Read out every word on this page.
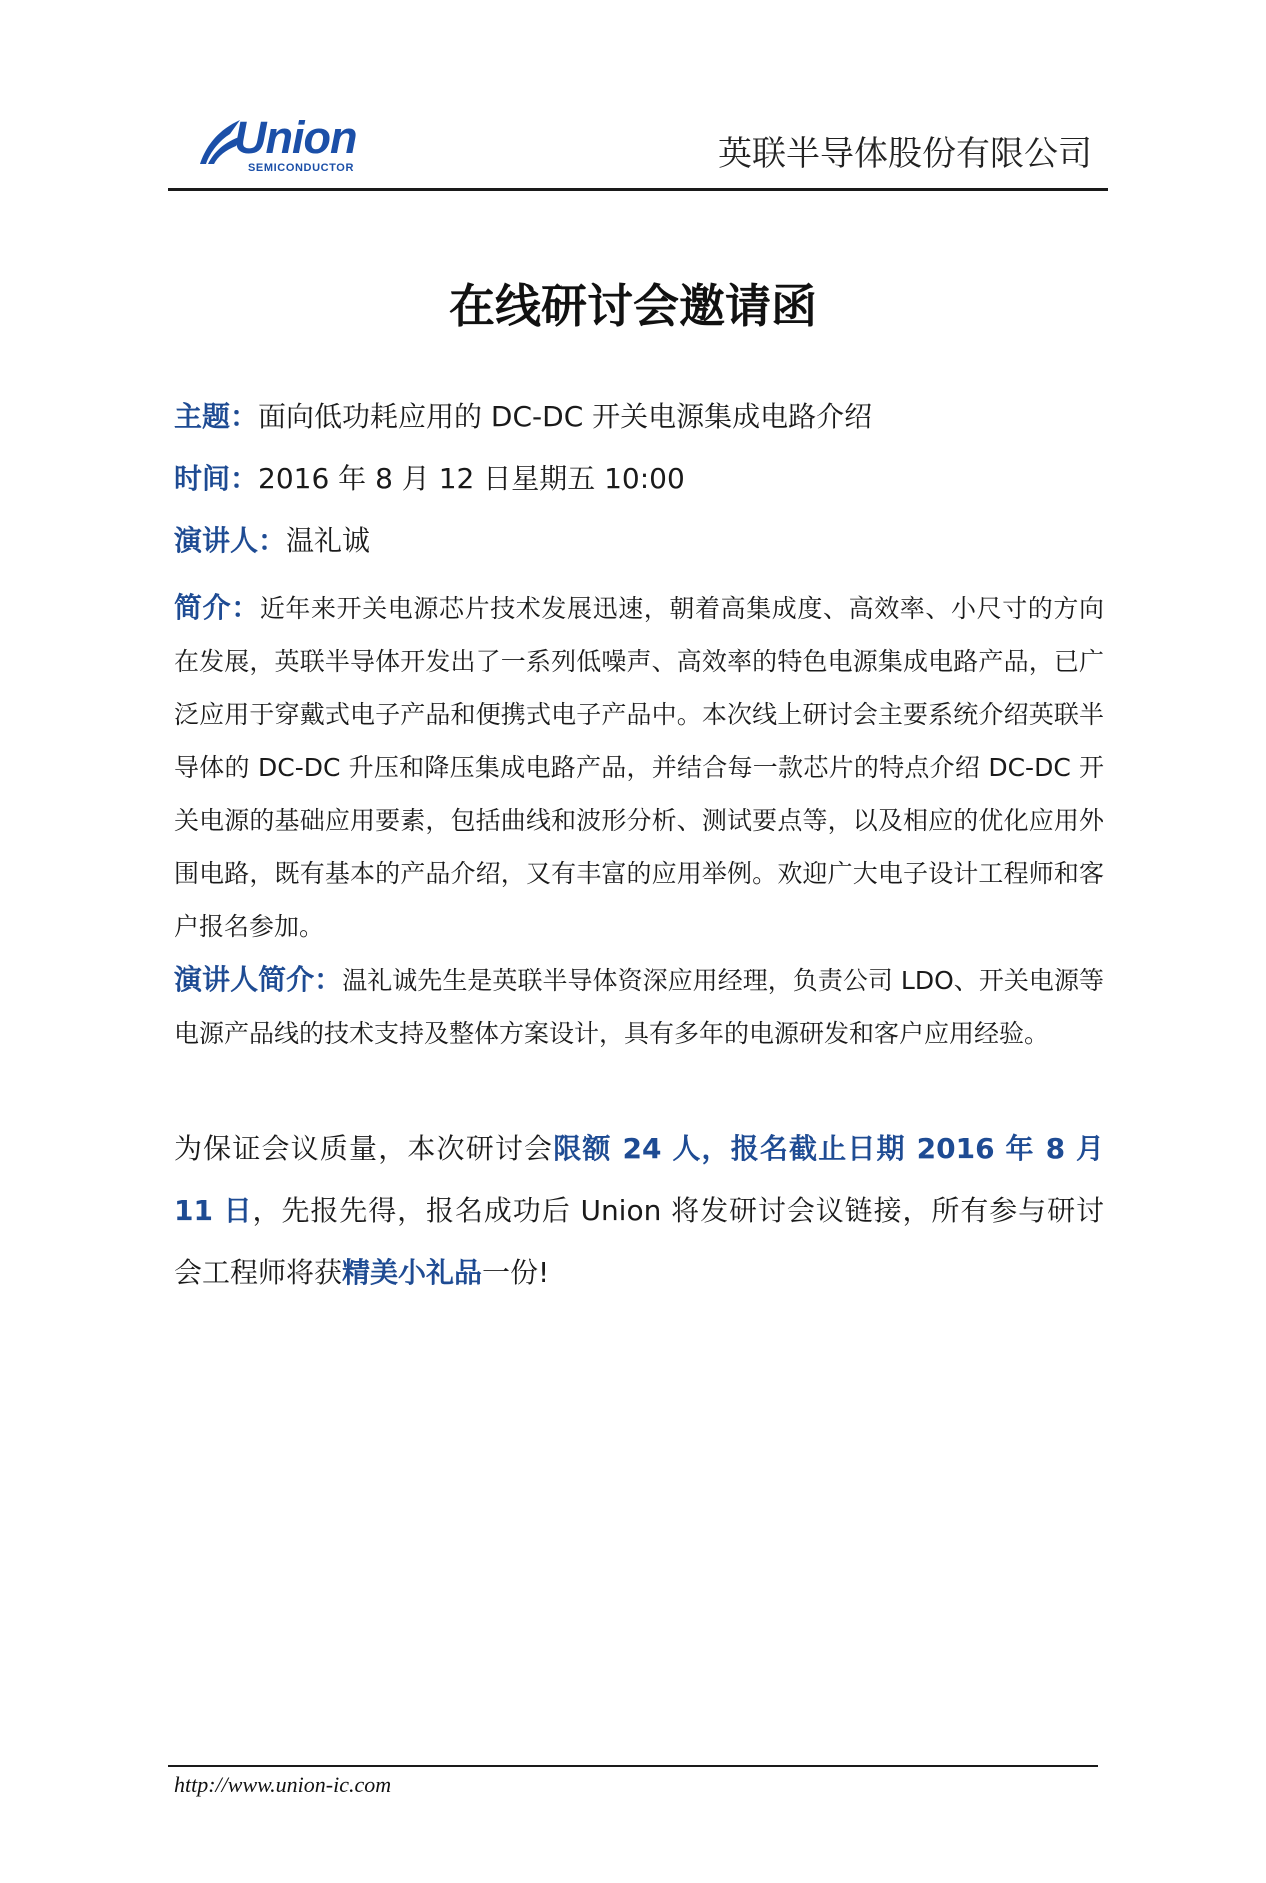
Union
SEMICONDUCTOR	英联半导体股份有限公司
在线研讨会邀请函
主题：面向低功耗应用的 DC-DC 开关电源集成电路介绍
时间：2016 年 8 月 12 日星期五 10:00
演讲人：温礼诚
简介：近年来开关电源芯片技术发展迅速，朝着高集成度、高效率、小尺寸的方向在发展，英联半导体开发出了一系列低噪声、高效率的特色电源集成电路产品，已广泛应用于穿戴式电子产品和便携式电子产品中。本次线上研讨会主要系统介绍英联半导体的 DC-DC 升压和降压集成电路产品，并结合每一款芯片的特点介绍 DC-DC 开关电源的基础应用要素，包括曲线和波形分析、测试要点等，以及相应的优化应用外围电路，既有基本的产品介绍，又有丰富的应用举例。欢迎广大电子设计工程师和客户报名参加。
演讲人简介：温礼诚先生是英联半导体资深应用经理，负责公司 LDO、开关电源等电源产品线的技术支持及整体方案设计，具有多年的电源研发和客户应用经验。
为保证会议质量，本次研讨会限额 24 人，报名截止日期 2016 年 8 月 11 日，先报先得，报名成功后 Union 将发研讨会议链接，所有参与研讨会工程师将获精美小礼品一份!
http://www.union-ic.com
